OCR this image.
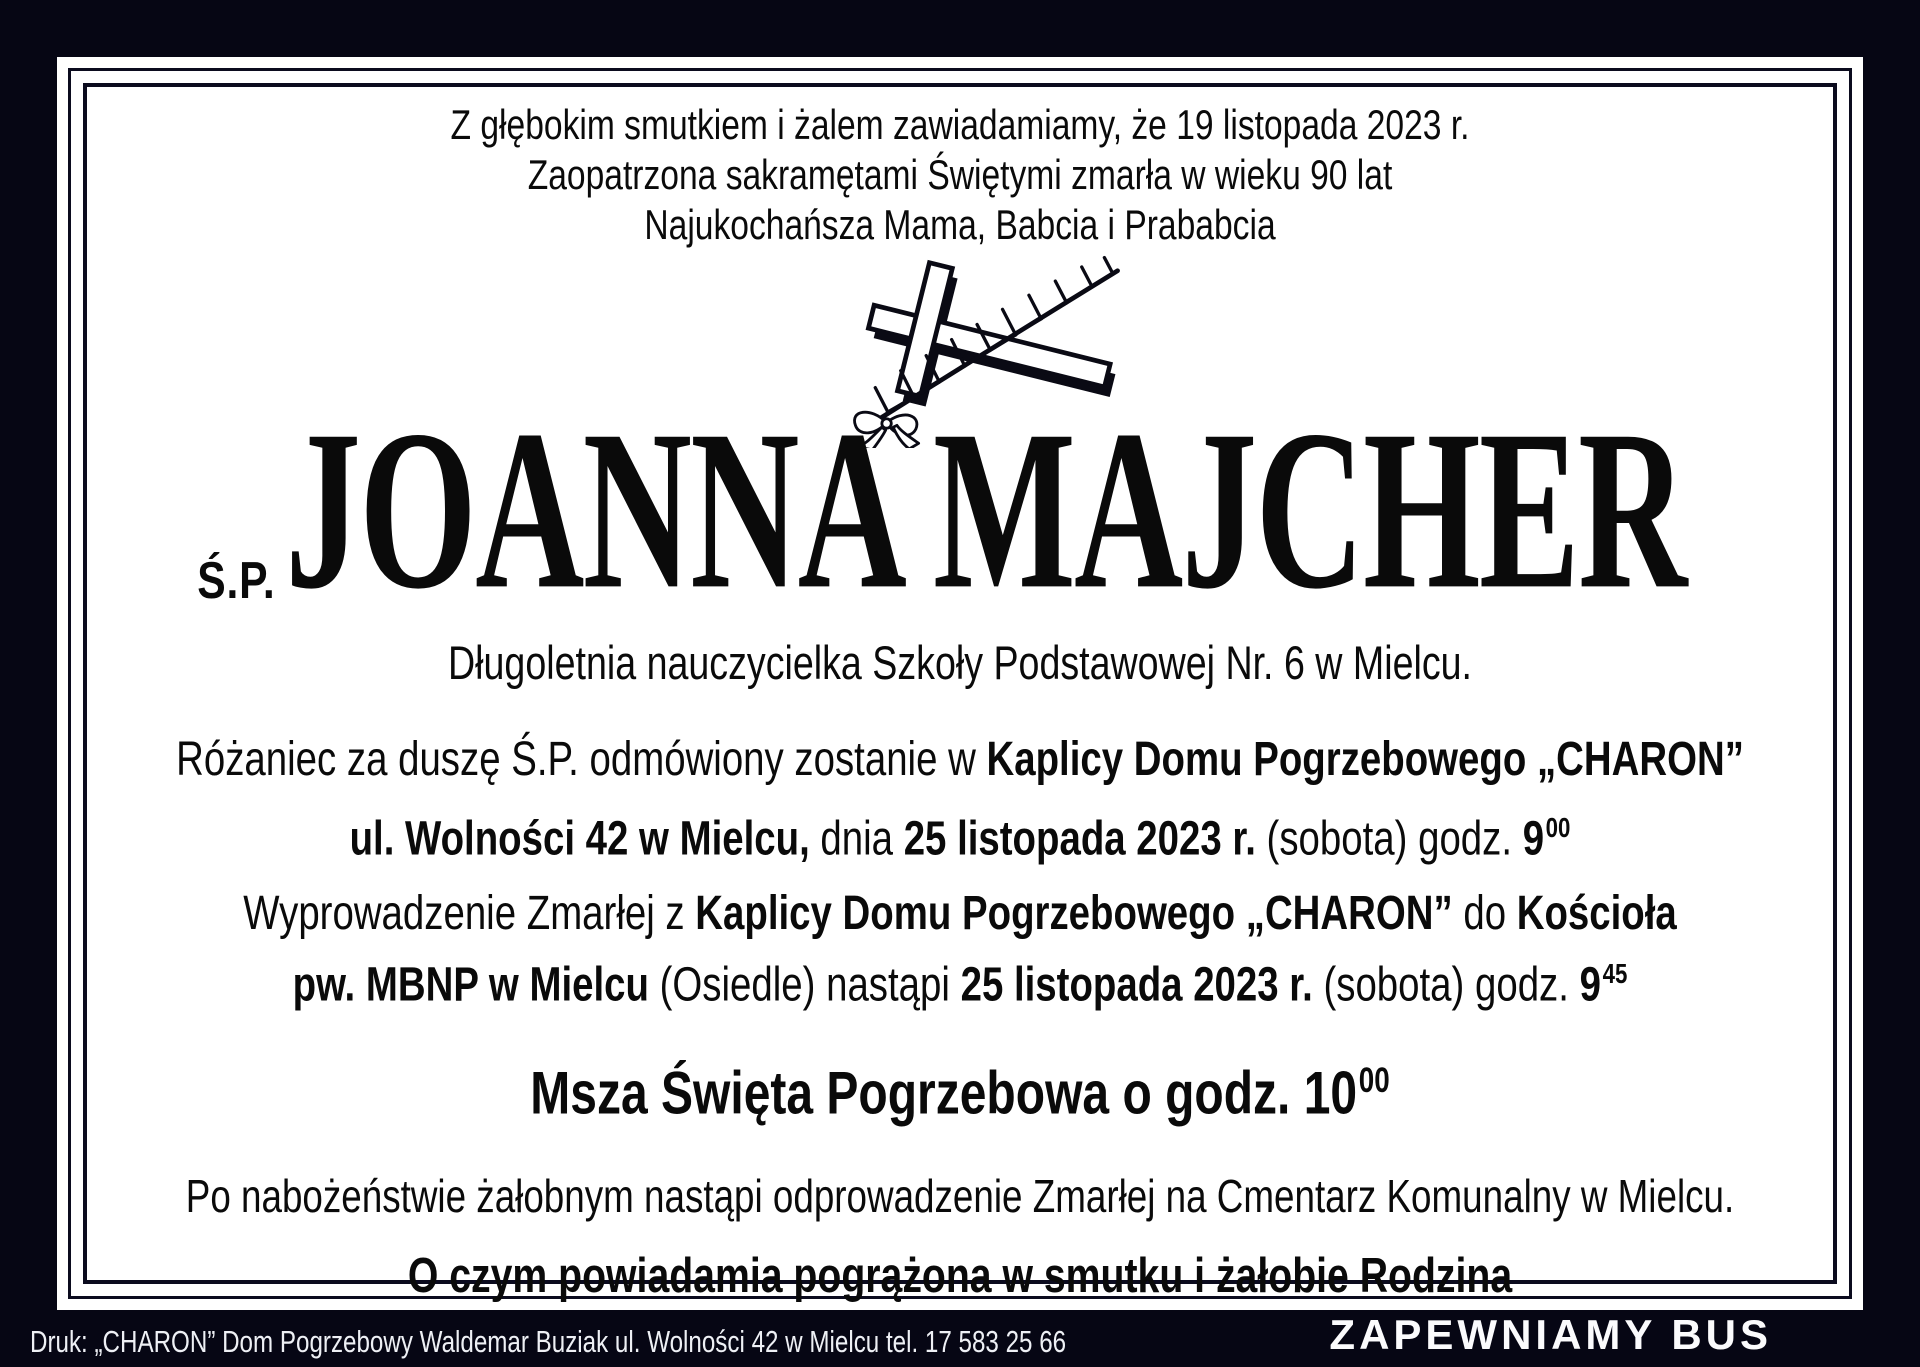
Z głębokim smutkiem i żalem zawiadamiamy, że 19 listopada 2023 r.
Zaopatrzona sakramętami Świętymi zmarła w wieku 90 lat
Najukochańsza Mama, Babcia i Prababcia
Ś.P.JOANNA MAJCHER
Długoletnia nauczycielka Szkoły Podstawowej Nr. 6 w Mielcu.
Różaniec za duszę Ś.P. odmówiony zostanie w Kaplicy Domu Pogrzebowego „CHARON”
ul. Wolności 42 w Mielcu, dnia 25 listopada 2023 r. (sobota) godz. $9^{00}$
Wyprowadzenie Zmarłej z Kaplicy Domu Pogrzebowego „CHARON” do Kościoła
pw. MBNP w Mielcu (Osiedle) nastąpi 25 listopada 2023 r. (sobota) godz. $9^{45}$
Msza Święta Pogrzebowa o godz. $10^{00}$
Po nabożeństwie żałobnym nastąpi odprowadzenie Zmarłej na Cmentarz Komunalny w Mielcu.
O czym powiadamia pogrążona w smutku i żałobie Rodzina
Druk: „CHARON” Dom Pogrzebowy Waldemar Buziak ul. Wolności 42 w Mielcu tel. 17 583 25 66	ZAPEWNIAMY BUS
